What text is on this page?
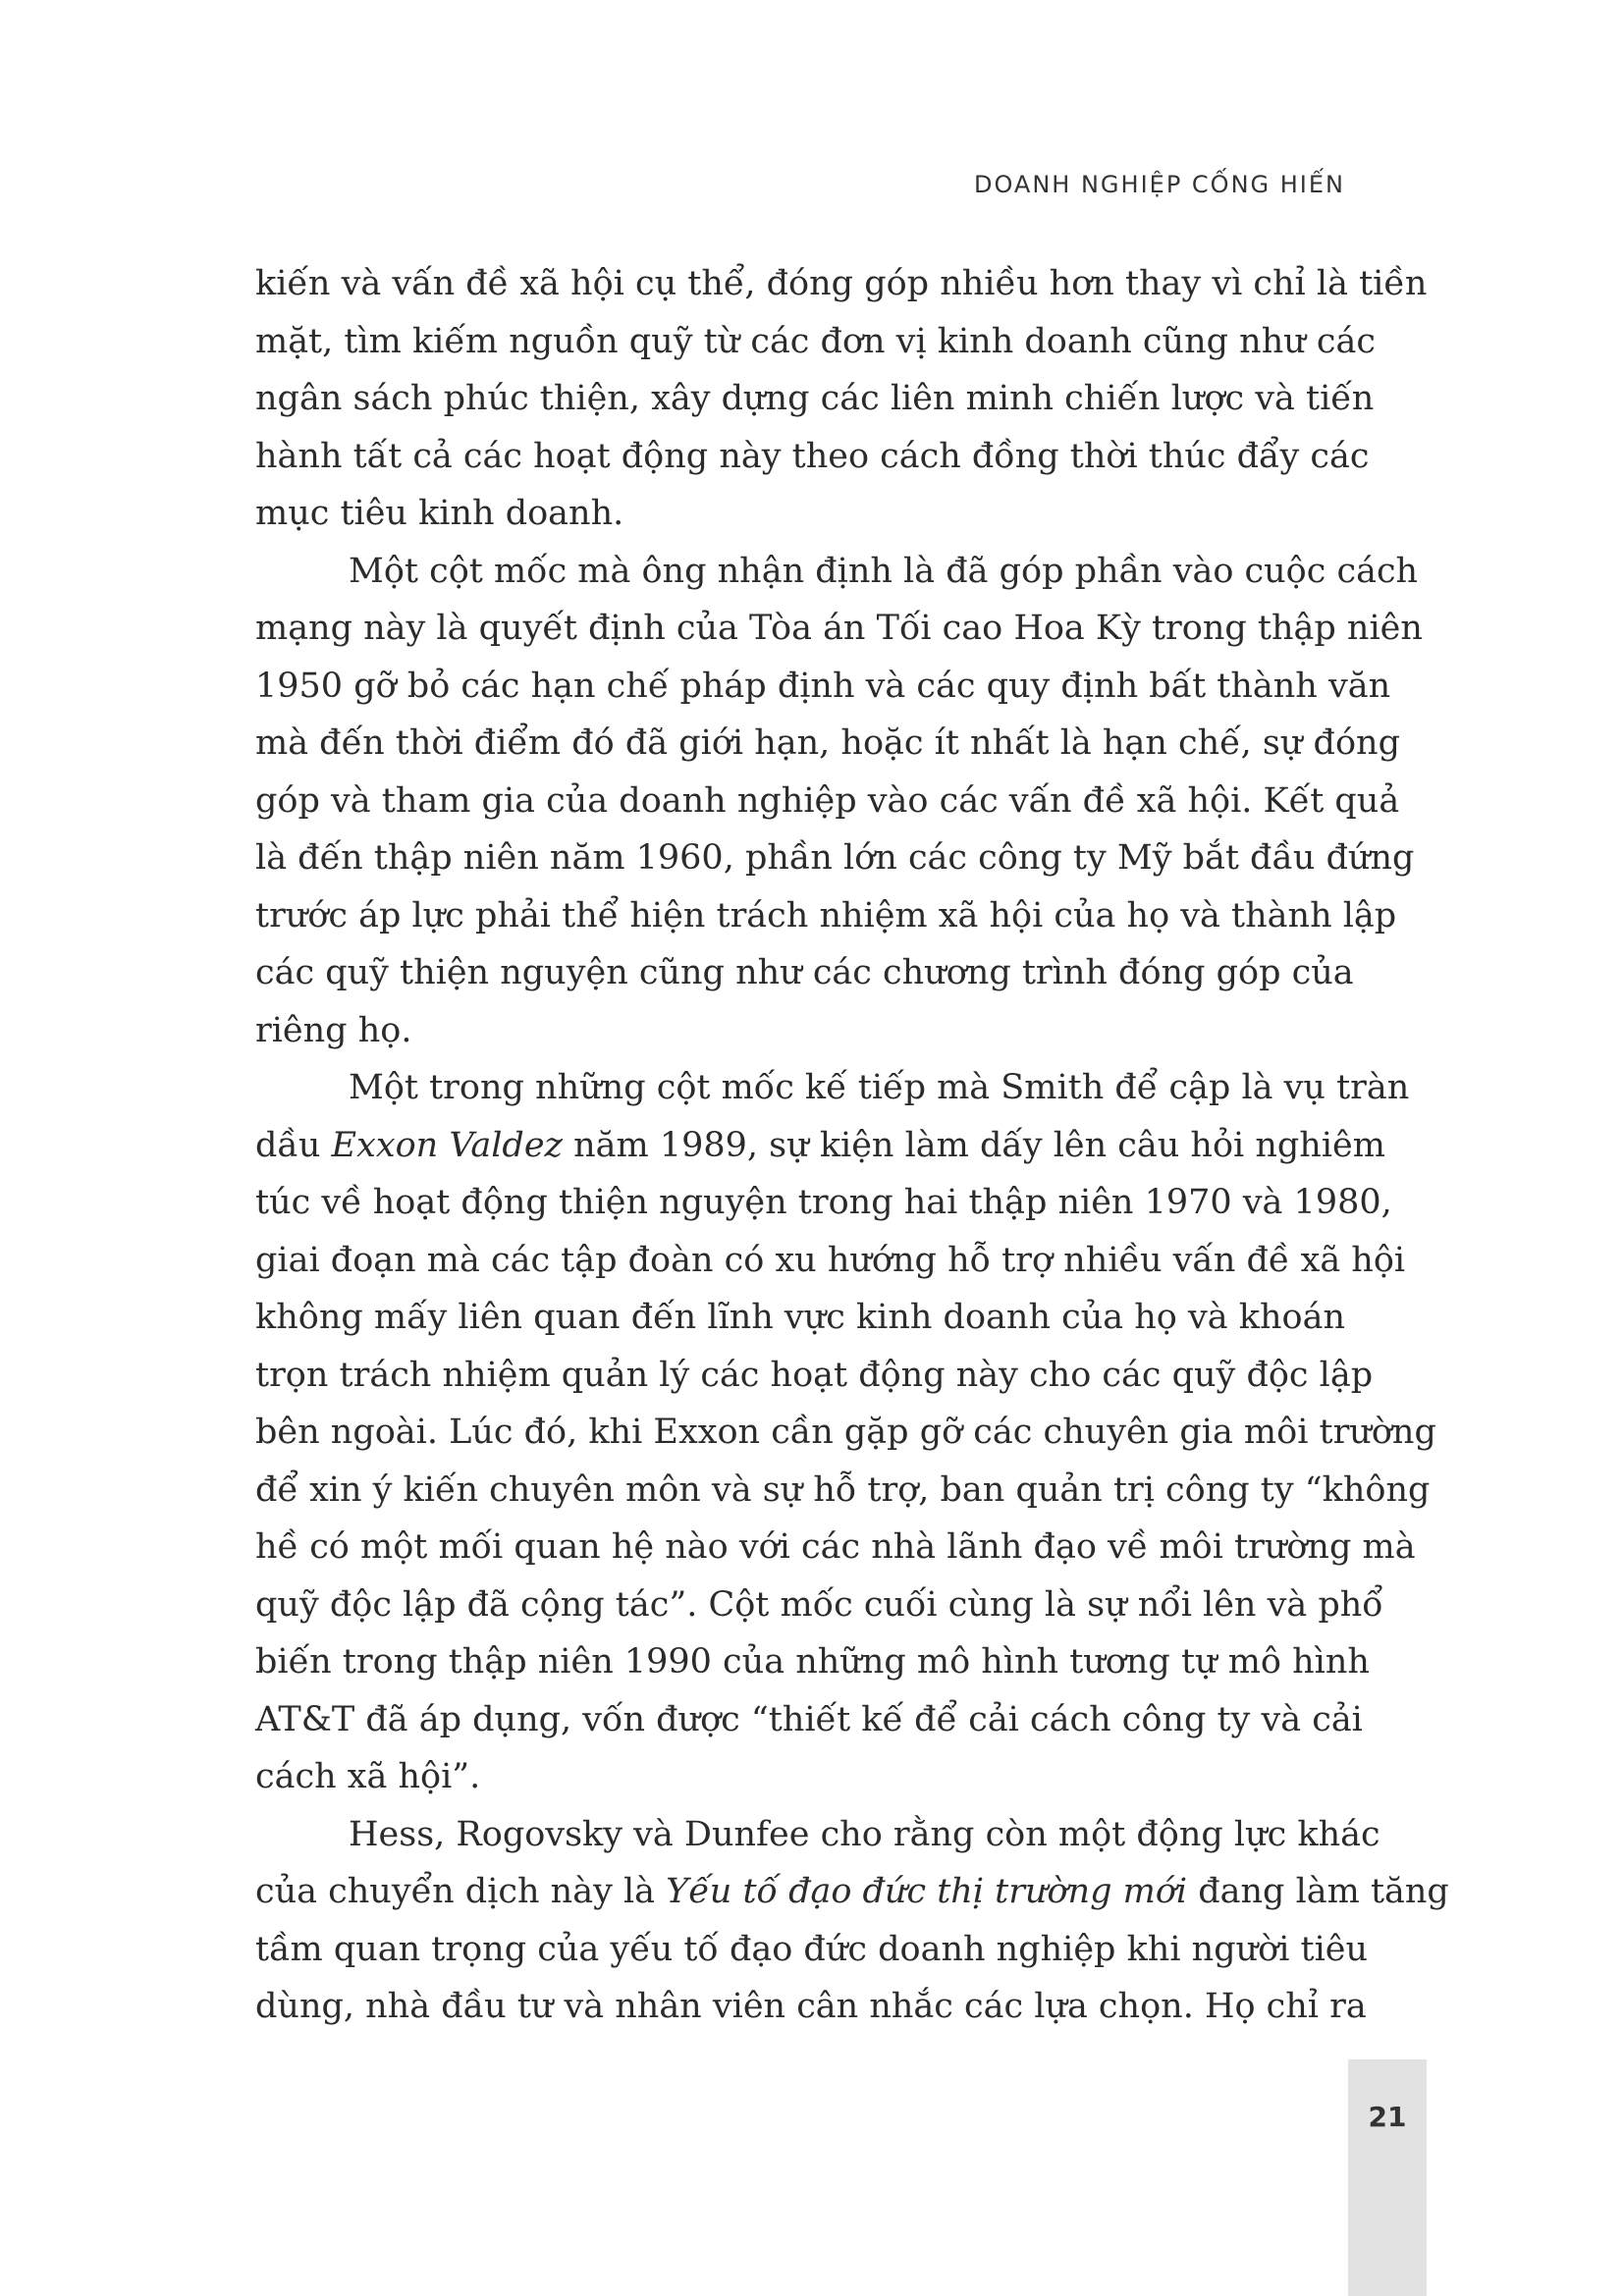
DOANH NGHIỆP CỐNG HIẾN
kiến và vấn đề xã hội cụ thể, đóng góp nhiều hơn thay vì chỉ là tiền
mặt, tìm kiếm nguồn quỹ từ các đơn vị kinh doanh cũng như các
ngân sách phúc thiện, xây dựng các liên minh chiến lược và tiến
hành tất cả các hoạt động này theo cách đồng thời thúc đẩy các
mục tiêu kinh doanh.
Một cột mốc mà ông nhận định là đã góp phần vào cuộc cách
mạng này là quyết định của Tòa án Tối cao Hoa Kỳ trong thập niên
1950 gỡ bỏ các hạn chế pháp định và các quy định bất thành văn
mà đến thời điểm đó đã giới hạn, hoặc ít nhất là hạn chế, sự đóng
góp và tham gia của doanh nghiệp vào các vấn đề xã hội. Kết quả
là đến thập niên năm 1960, phần lớn các công ty Mỹ bắt đầu đứng
trước áp lực phải thể hiện trách nhiệm xã hội của họ và thành lập
các quỹ thiện nguyện cũng như các chương trình đóng góp của
riêng họ.
Một trong những cột mốc kế tiếp mà Smith để cập là vụ tràn
dầu Exxon Valdez năm 1989, sự kiện làm dấy lên câu hỏi nghiêm
túc về hoạt động thiện nguyện trong hai thập niên 1970 và 1980,
giai đoạn mà các tập đoàn có xu hướng hỗ trợ nhiều vấn đề xã hội
không mấy liên quan đến lĩnh vực kinh doanh của họ và khoán
trọn trách nhiệm quản lý các hoạt động này cho các quỹ độc lập
bên ngoài. Lúc đó, khi Exxon cần gặp gỡ các chuyên gia môi trường
để xin ý kiến chuyên môn và sự hỗ trợ, ban quản trị công ty “không
hề có một mối quan hệ nào với các nhà lãnh đạo về môi trường mà
quỹ độc lập đã cộng tác”. Cột mốc cuối cùng là sự nổi lên và phổ
biến trong thập niên 1990 của những mô hình tương tự mô hình
AT&T đã áp dụng, vốn được “thiết kế để cải cách công ty và cải
cách xã hội”.
Hess, Rogovsky và Dunfee cho rằng còn một động lực khác
của chuyển dịch này là Yếu tố đạo đức thị trường mới đang làm tăng
tầm quan trọng của yếu tố đạo đức doanh nghiệp khi người tiêu
dùng, nhà đầu tư và nhân viên cân nhắc các lựa chọn. Họ chỉ ra
21
